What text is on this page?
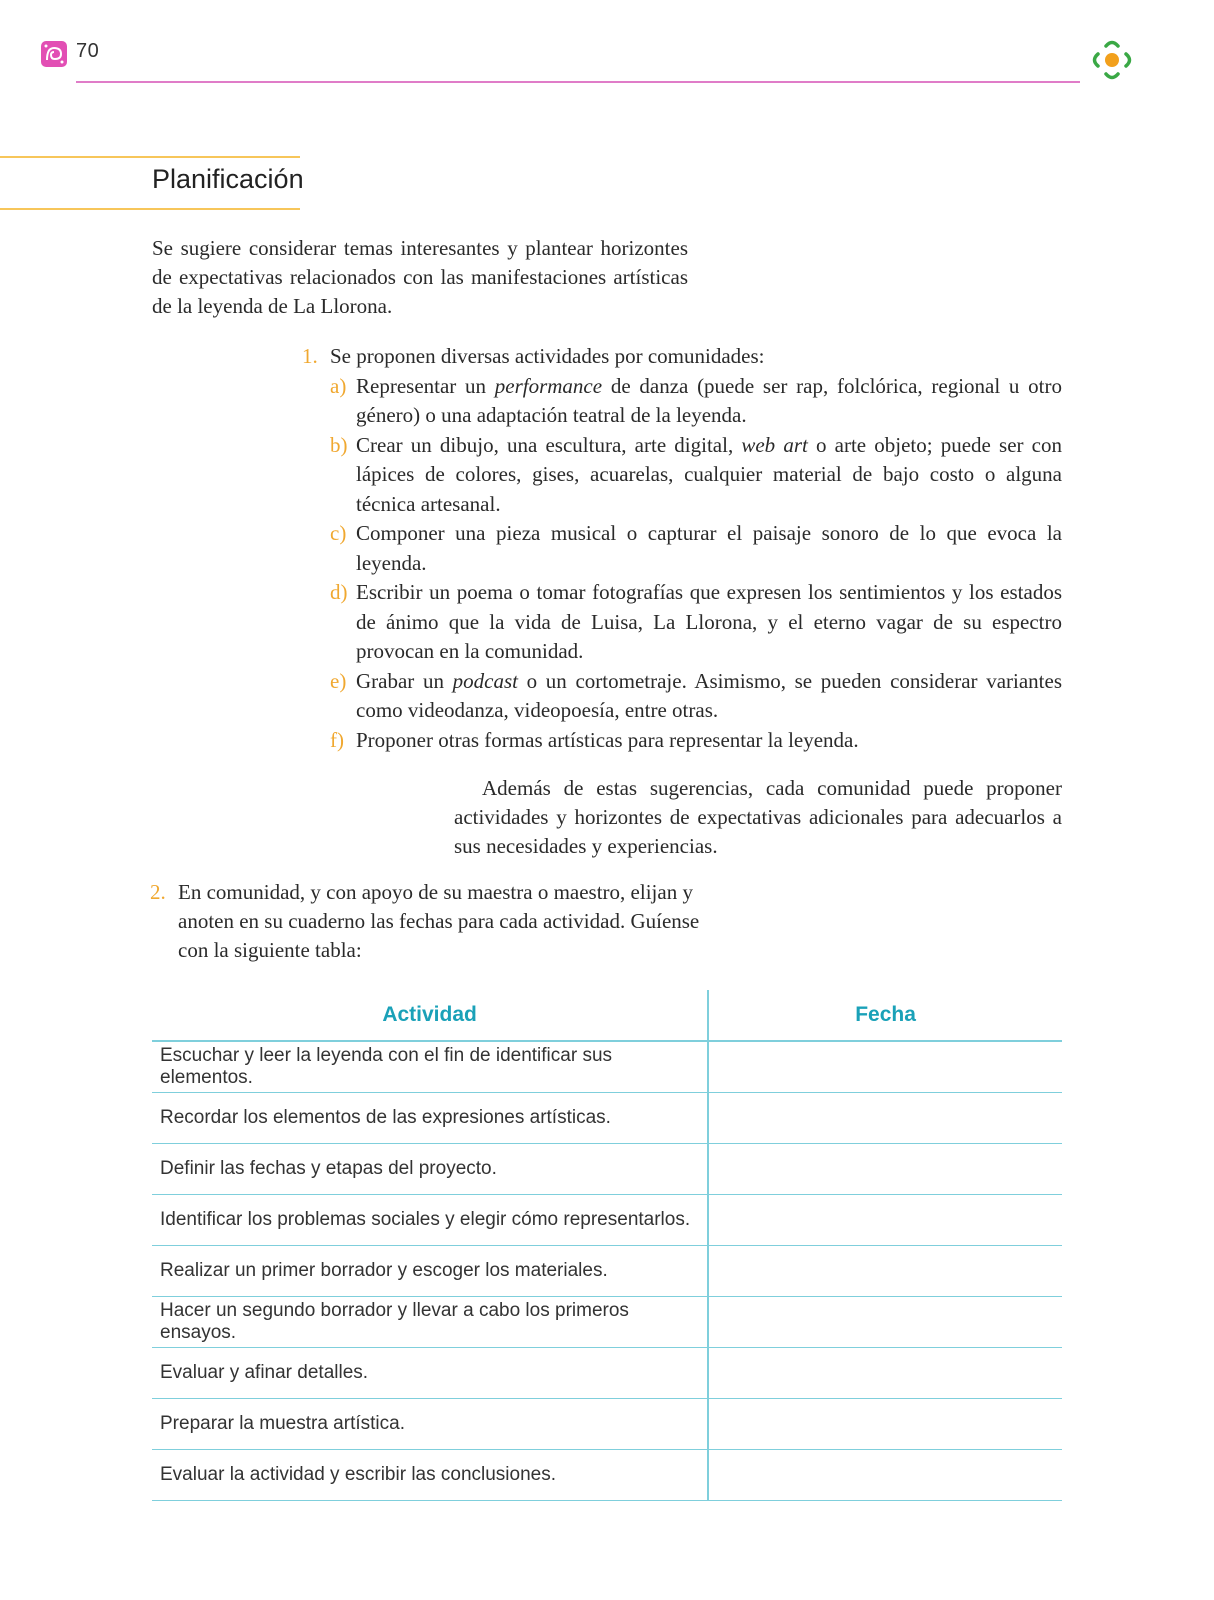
70
Planificación

Se sugiere considerar temas interesantes y plantear horizontes de expectativas relacionados con las manifestaciones artísticas de la leyenda de La Llorona.

1. Se proponen diversas actividades por comunidades:
a) Representar un performance de danza (puede ser rap, folclórica, regional u otro género) o una adaptación teatral de la leyenda.
b) Crear un dibujo, una escultura, arte digital, web art o arte objeto; puede ser con lápices de colores, gises, acuarelas, cualquier material de bajo costo o alguna técnica artesanal.
c) Componer una pieza musical o capturar el paisaje sonoro de lo que evoca la leyenda.
d) Escribir un poema o tomar fotografías que expresen los sentimientos y los estados de ánimo que la vida de Luisa, La Llorona, y el eterno vagar de su espectro provocan en la comunidad.
e) Grabar un podcast o un cortometraje. Asimismo, se pueden considerar variantes como videodanza, videopoesía, entre otras.
f) Proponer otras formas artísticas para representar la leyenda.

Además de estas sugerencias, cada comunidad puede proponer actividades y horizontes de expectativas adicionales para adecuarlos a sus necesidades y experiencias.

2. En comunidad, y con apoyo de su maestra o maestro, elijan y anoten en su cuaderno las fechas para cada actividad. Guíense con la siguiente tabla:
Actividad	Fecha
Escuchar y leer la leyenda con el fin de identificar sus elementos.	
Recordar los elementos de las expresiones artísticas.	
Definir las fechas y etapas del proyecto.	
Identificar los problemas sociales y elegir cómo representarlos.	
Realizar un primer borrador y escoger los materiales.	
Hacer un segundo borrador y llevar a cabo los primeros ensayos.	
Evaluar y afinar detalles.	
Preparar la muestra artística.	
Evaluar la actividad y escribir las conclusiones.	
